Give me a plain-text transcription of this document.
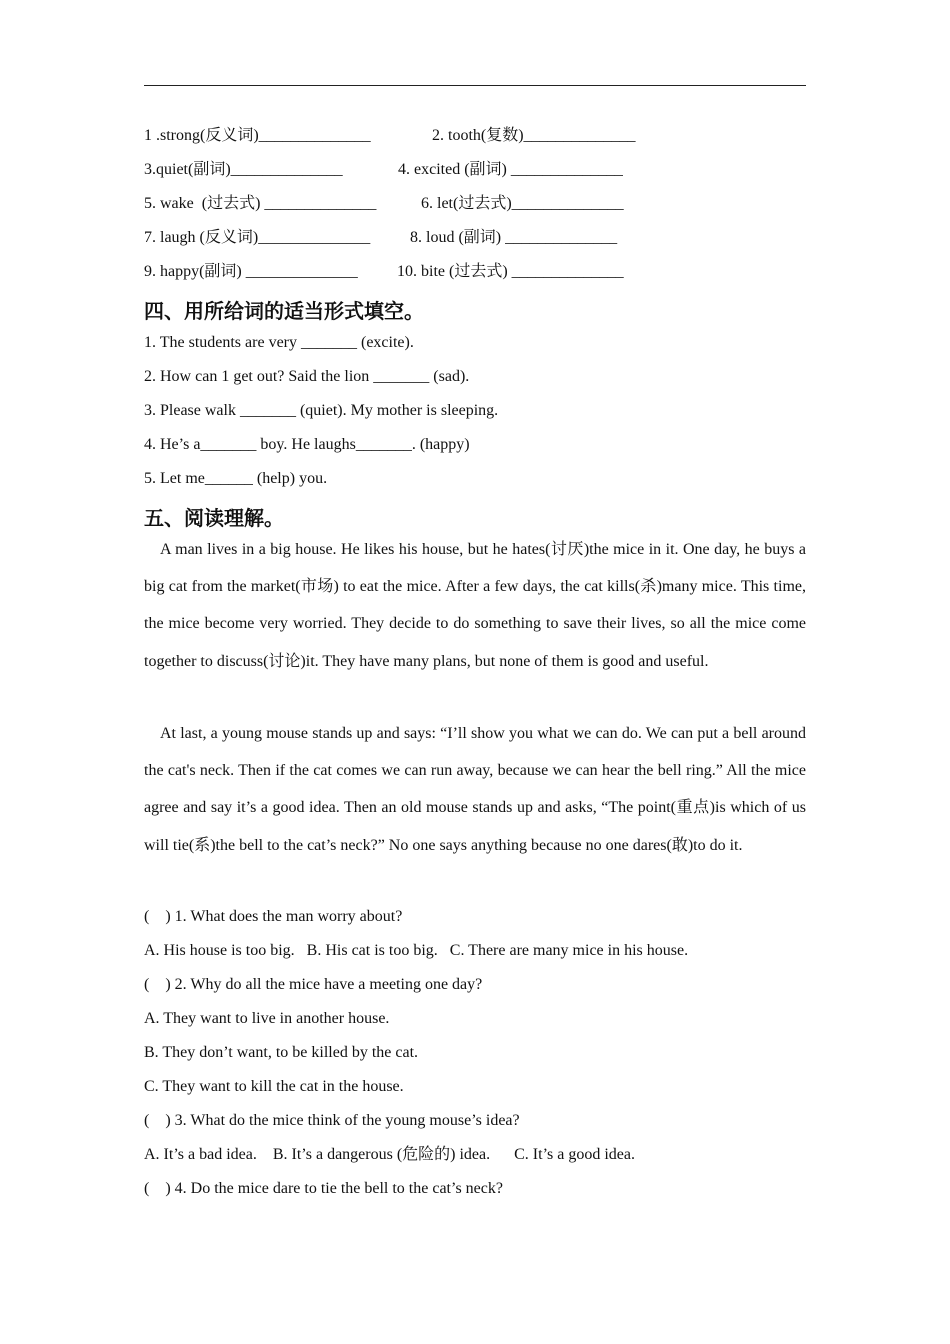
1 .strong(反义词)______________	2. tooth(复数)______________
3.quiet(副词)______________	4. excited (副词) ______________
5. wake  (过去式) ______________	6. let(过去式)______________
7. laugh (反义词)______________ 8. loud (副词) ______________
9. happy(副词) ______________ 10. bite (过去式) ______________
四、用所给词的适当形式填空。
1. The students are very _______ (excite).
2. How can 1 get out? Said the lion _______ (sad).
3. Please walk _______ (quiet). My mother is sleeping.
4. He’s a_______ boy. He laughs_______. (happy)
5. Let me______ (help) you.
五、阅读理解。

A man lives in a big house. He likes his house, but he hates(讨厌)the mice in it. One day, he buys a big cat from the market(市场) to eat the mice. After a few days, the cat kills(杀)many mice. This time, the mice become very worried. They decide to do something to save their lives, so all the mice come together to discuss(讨论)it. They have many plans, but none of them is good and useful.

At last, a young mouse stands up and says: “I’ll show you what we can do. We can put a bell around the cat's neck. Then if the cat comes we can run away, because we can hear the bell ring.” All the mice agree and say it’s a good idea. Then an old mouse stands up and asks, “The point(重点)is which of us will tie(系)the bell to the cat’s neck?” No one says anything because no one dares(敢)to do it.

(    ) 1. What does the man worry about?
A. His house is too big.   B. His cat is too big.   C. There are many mice in his house.
(    ) 2. Why do all the mice have a meeting one day?
A. They want to live in another house.
B. They don’t want, to be killed by the cat.
C. They want to kill the cat in the house.
(    ) 3. What do the mice think of the young mouse’s idea?
A. It’s a bad idea.    B. It’s a dangerous (危险的) idea.      C. It’s a good idea.
(    ) 4. Do the mice dare to tie the bell to the cat’s neck?
